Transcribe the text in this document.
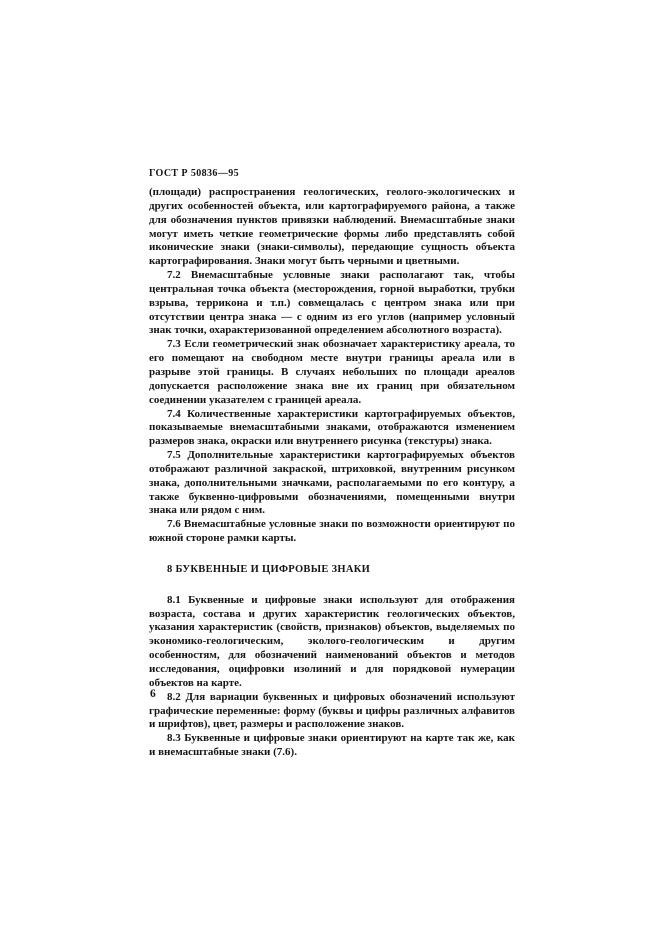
ГОСТ Р 50836—95

(площади) распространения геологических, геолого-экологических и других особенностей объекта, или картографируемого района, а также для обозначения пунктов привязки наблюдений. Внемасштабные знаки могут иметь четкие геометрические формы либо представлять собой иконические знаки (знаки-символы), передающие сущность объекта картографирования. Знаки могут быть черными и цветными.

7.2 Внемасштабные условные знаки располагают так, чтобы центральная точка объекта (месторождения, горной выработки, трубки взрыва, террикона и т.п.) совмещалась с центром знака или при отсутствии центра знака — с одним из его углов (например условный знак точки, охарактеризованной определением абсолютного возраста).

7.3 Если геометрический знак обозначает характеристику ареала, то его помещают на свободном месте внутри границы ареала или в разрыве этой границы. В случаях небольших по площади ареалов допускается расположение знака вне их границ при обязательном соединении указателем с границей ареала.

7.4 Количественные характеристики картографируемых объектов, показываемые внемасштабными знаками, отображаются изменением размеров знака, окраски или внутреннего рисунка (текстуры) знака.

7.5 Дополнительные характеристики картографируемых объектов отображают различной закраской, штриховкой, внутренним рисунком знака, дополнительными значками, располагаемыми по его контуру, а также буквенно-цифровыми обозначениями, помещенными внутри знака или рядом с ним.

7.6 Внемасштабные условные знаки по возможности ориентируют по южной стороне рамки карты.

8 БУКВЕННЫЕ И ЦИФРОВЫЕ ЗНАКИ

8.1 Буквенные и цифровые знаки используют для отображения возраста, состава и других характеристик геологических объектов, указания характеристик (свойств, признаков) объектов, выделяемых по экономико-геологическим, эколого-геологическим и другим особенностям, для обозначений наименований объектов и методов исследования, оцифровки изолиний и для порядковой нумерации объектов на карте.

8.2 Для вариации буквенных и цифровых обозначений используют графические переменные: форму (буквы и цифры различных алфавитов и шрифтов), цвет, размеры и расположение знаков.

8.3 Буквенные и цифровые знаки ориентируют на картe так же, как и внемасштабные знаки (7.6).

6
